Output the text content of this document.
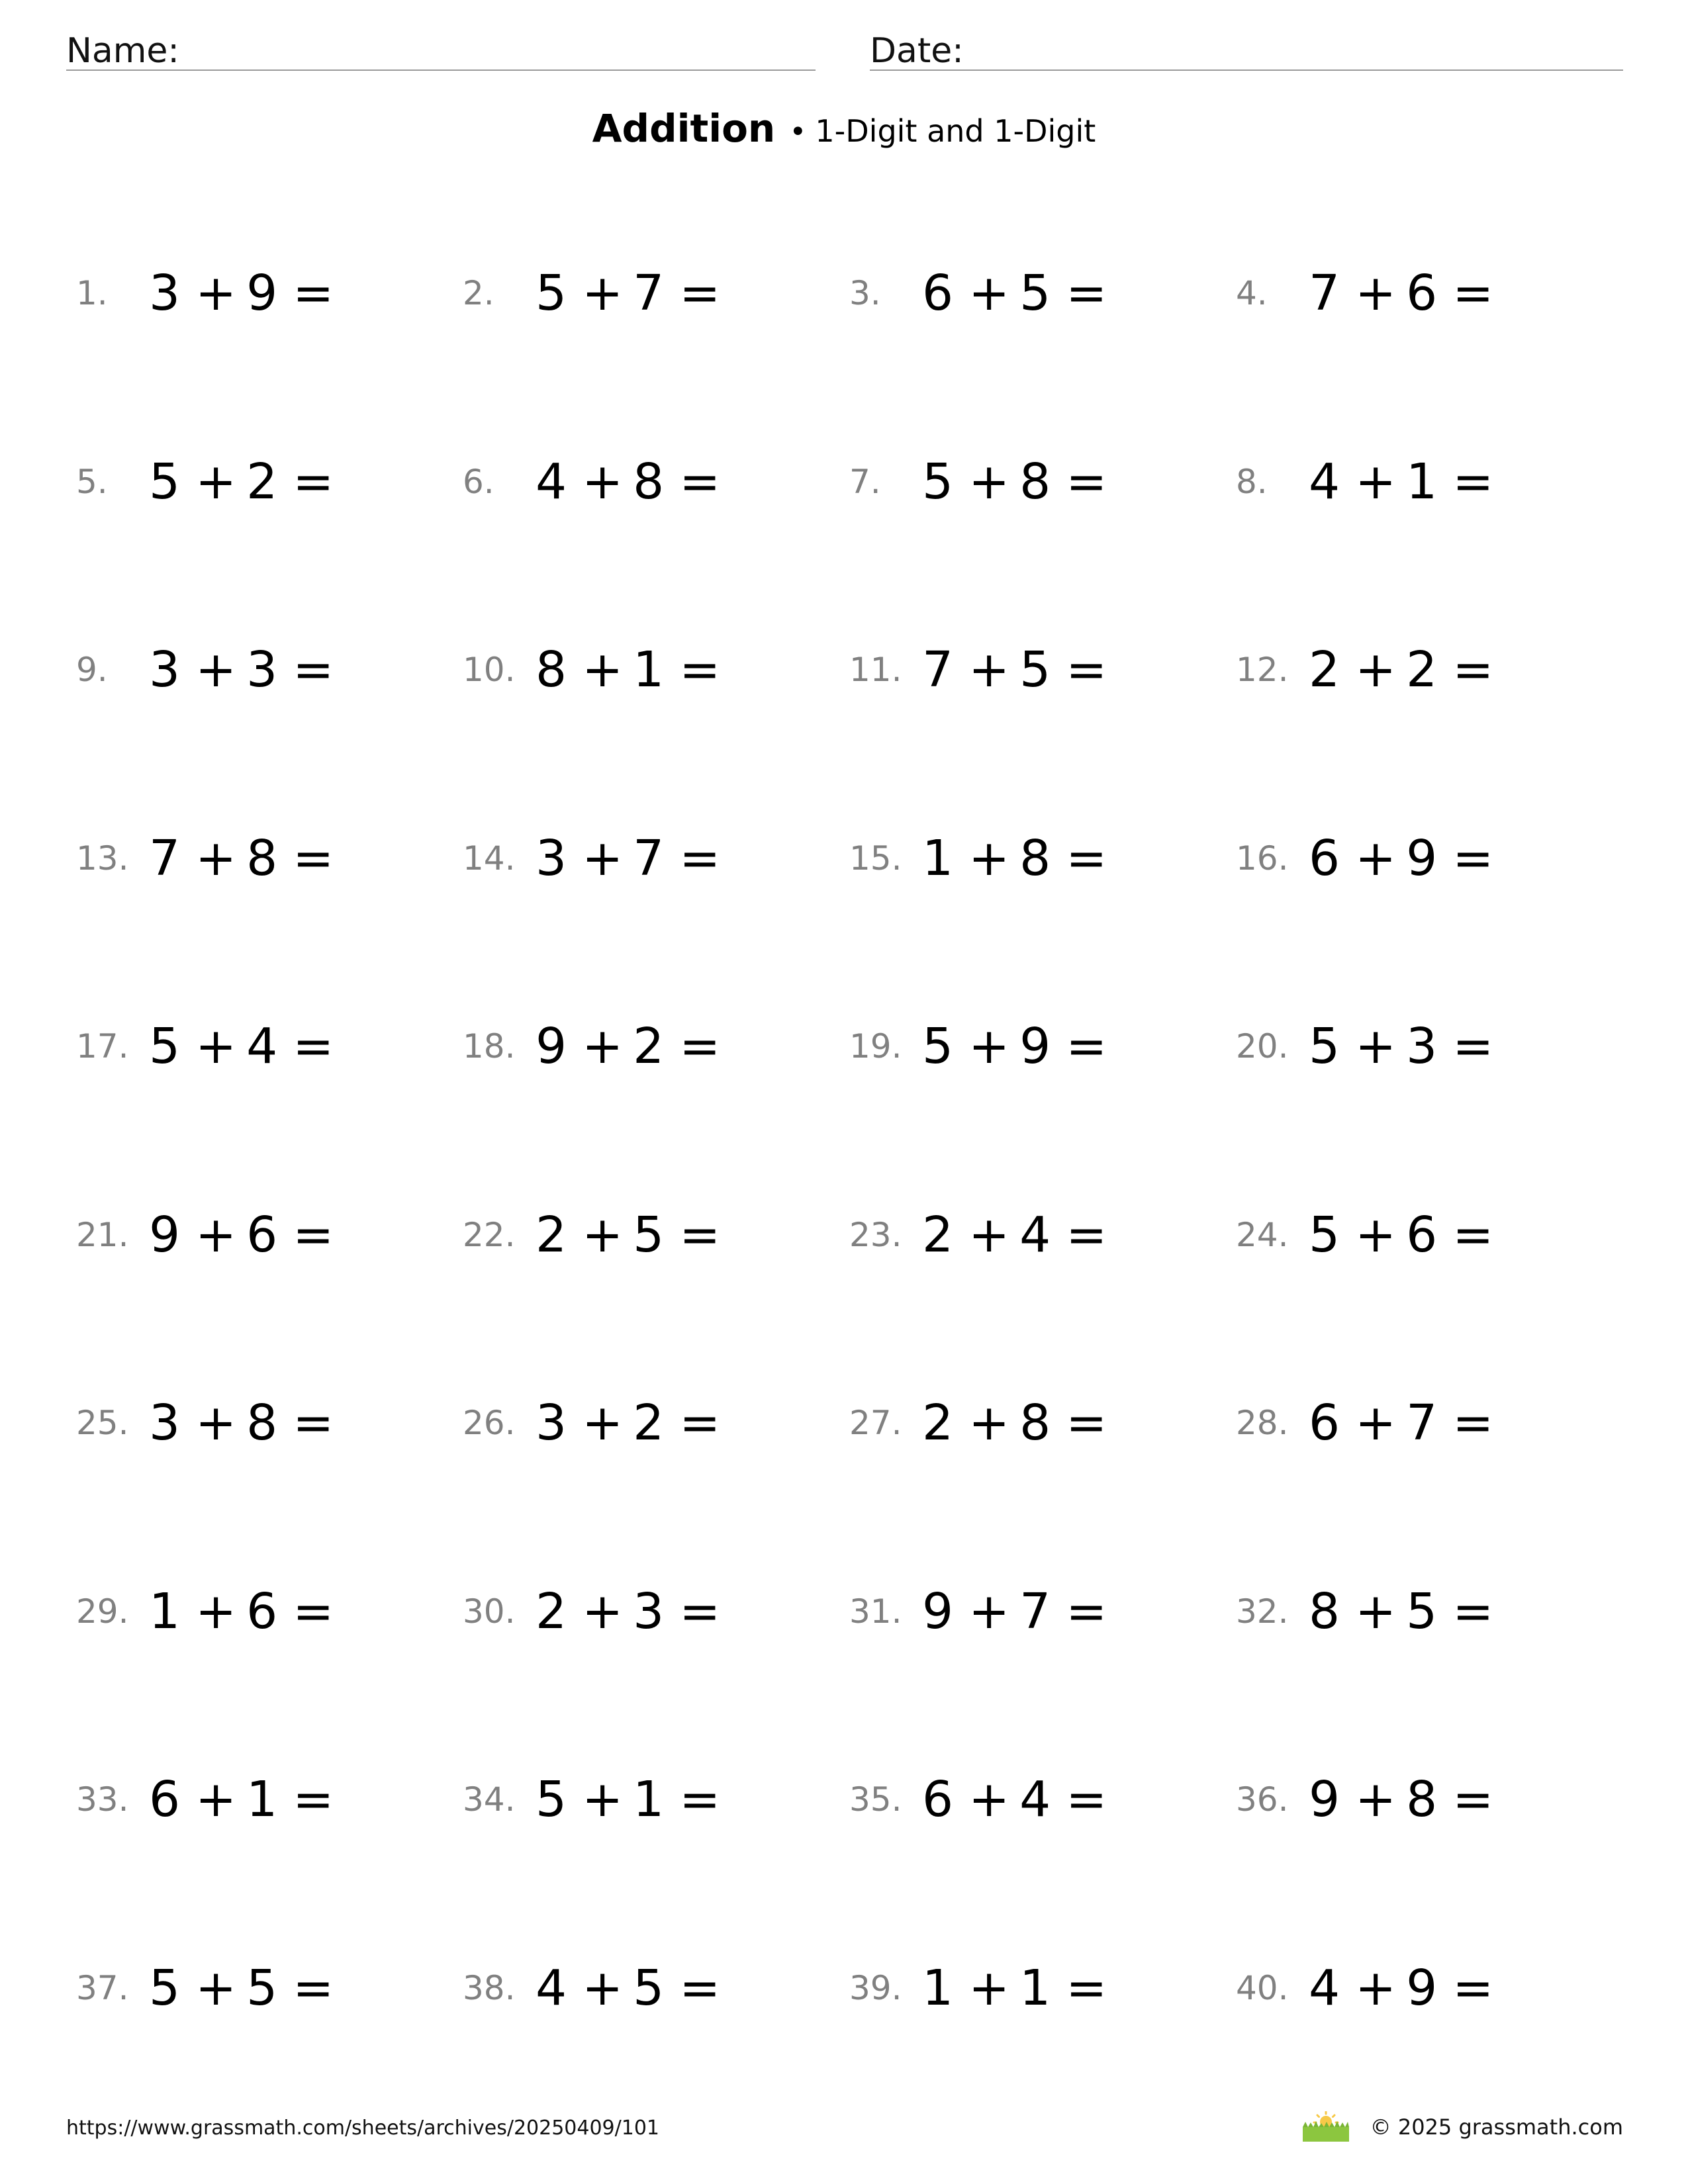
Name:	Date:
Addition • 1-Digit and 1-Digit
1. 3 + 9 =	2. 5 + 7 =	3. 6 + 5 =	4. 7 + 6 =
5. 5 + 2 =	6. 4 + 8 =	7. 5 + 8 =	8. 4 + 1 =
9. 3 + 3 =	10. 8 + 1 =	11. 7 + 5 =	12. 2 + 2 =
13. 7 + 8 =	14. 3 + 7 =	15. 1 + 8 =	16. 6 + 9 =
17. 5 + 4 =	18. 9 + 2 =	19. 5 + 9 =	20. 5 + 3 =
21. 9 + 6 =	22. 2 + 5 =	23. 2 + 4 =	24. 5 + 6 =
25. 3 + 8 =	26. 3 + 2 =	27. 2 + 8 =	28. 6 + 7 =
29. 1 + 6 =	30. 2 + 3 =	31. 9 + 7 =	32. 8 + 5 =
33. 6 + 1 =	34. 5 + 1 =	35. 6 + 4 =	36. 9 + 8 =
37. 5 + 5 =	38. 4 + 5 =	39. 1 + 1 =	40. 4 + 9 =
https://www.grassmath.com/sheets/archives/20250409/101	© 2025 grassmath.com
